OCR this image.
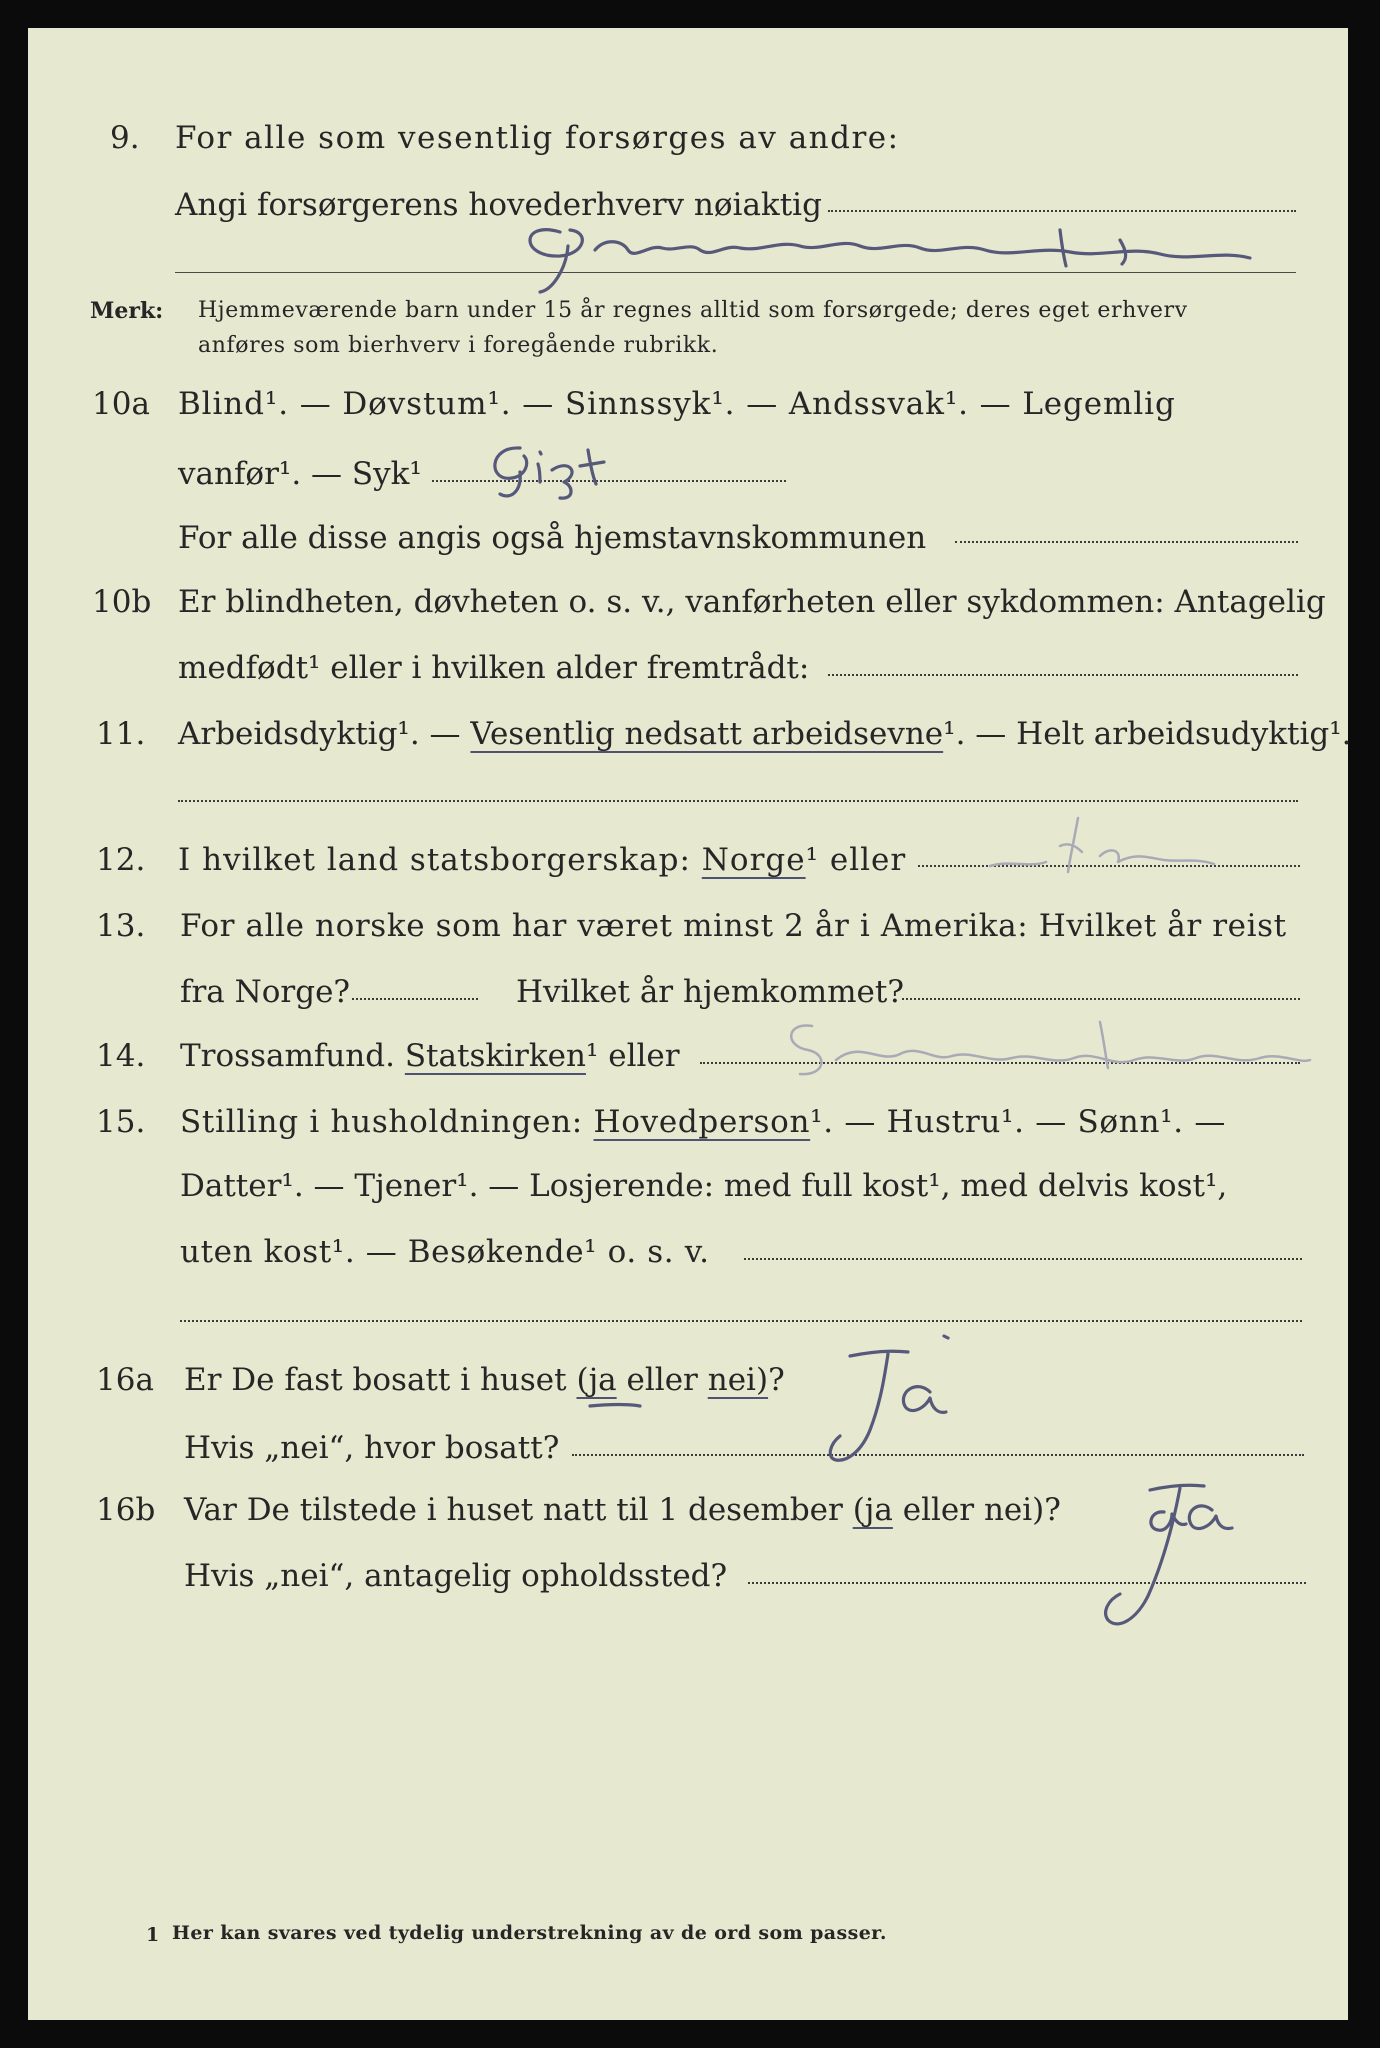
9. For alle som vesentlig forsørges av andre:
Angi forsørgerens hovederhverv nøiaktig
Merk: Hjemmeværende barn under 15 år regnes alltid som forsørgede; deres eget erhverv
anføres som bierhverv i foregående rubrikk.
10a Blind¹. — Døvstum¹. — Sinnssyk¹. — Andssvak¹. — Legemlig
vanfør¹. — Syk¹
For alle disse angis også hjemstavnskommunen
10b Er blindheten, døvheten o. s. v., vanførheten eller sykdommen: Antagelig
medfødt¹ eller i hvilken alder fremtrådt:
11. Arbeidsdyktig¹. — Vesentlig nedsatt arbeidsevne¹. — Helt arbeidsudyktig¹.
12. I hvilket land statsborgerskap: Norge¹ eller
13. For alle norske som har været minst 2 år i Amerika: Hvilket år reist
fra Norge?	Hvilket år hjemkommet?
14. Trossamfund. Statskirken¹ eller
15. Stilling i husholdningen: Hovedperson¹. — Hustru¹. — Sønn¹. —
Datter¹. — Tjener¹. — Losjerende: med full kost¹, med delvis kost¹,
uten kost¹. — Besøkende¹ o. s. v.
16a Er De fast bosatt i huset (ja eller nei)?
Hvis „nei“, hvor bosatt?
16b Var De tilstede i huset natt til 1 desember (ja eller nei)?
Hvis „nei“, antagelig opholdssted?
1 Her kan svares ved tydelig understrekning av de ord som passer.
